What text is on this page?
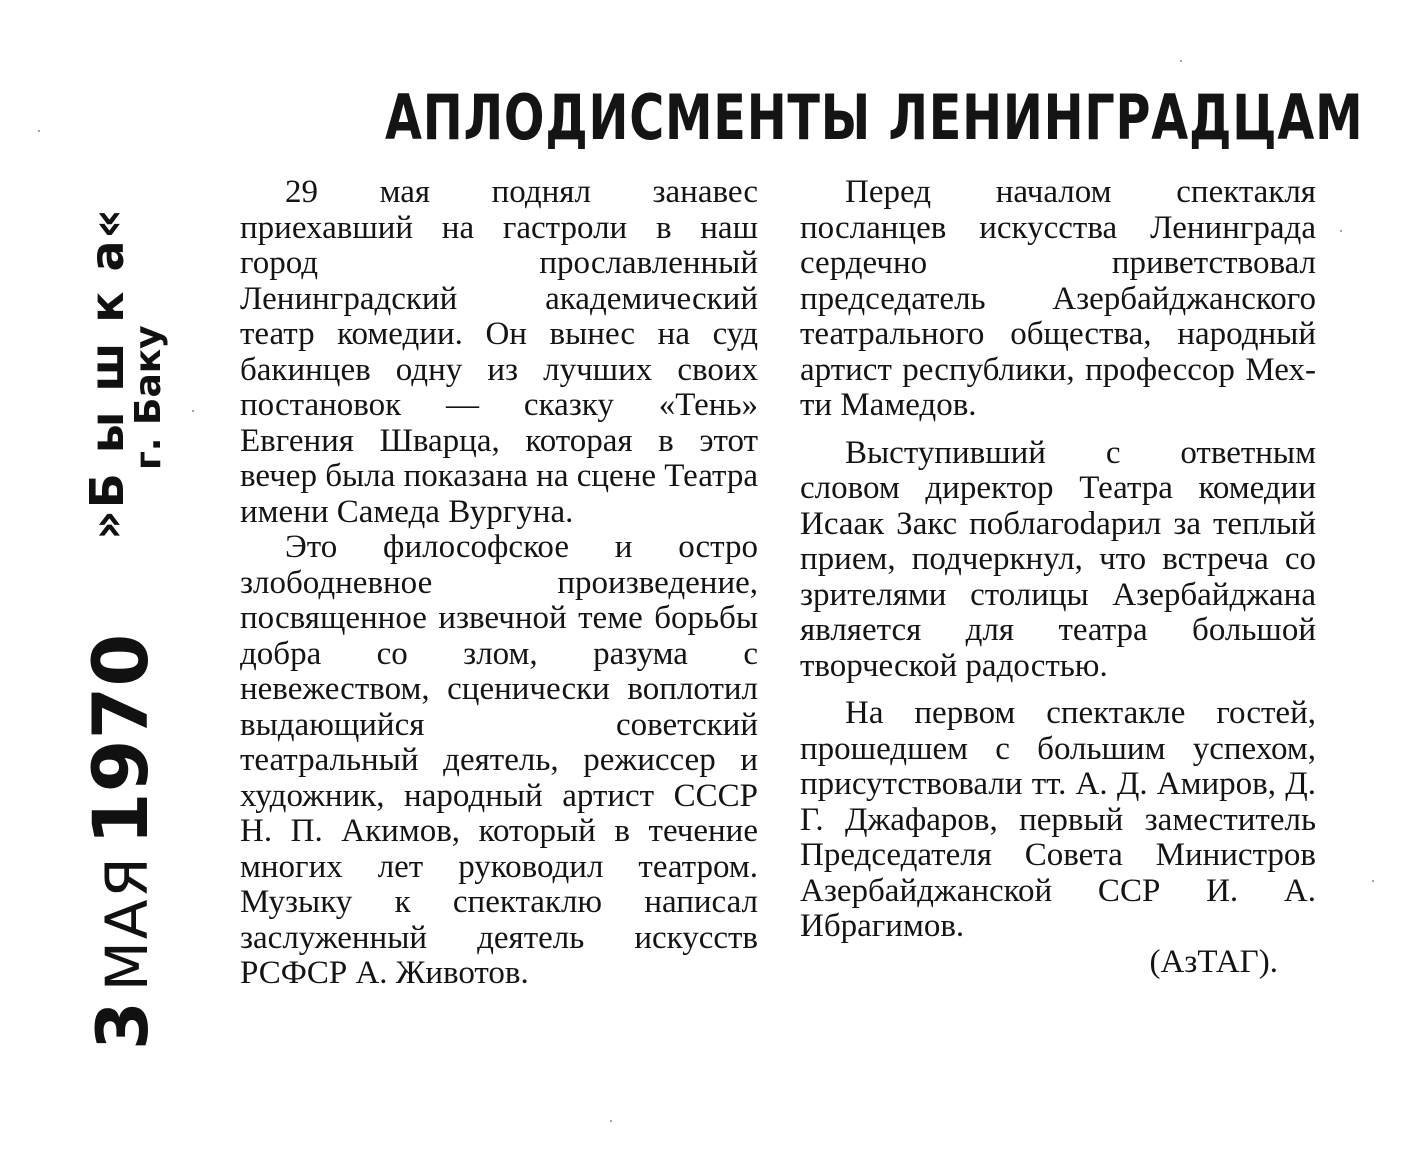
3МАЯ1970
»Б ы ш к а«
г. Баку
АПЛОДИСМЕНТЫ ЛЕНИНГРАДЦАМ

29 мая поднял занавес приехавший на гастроли в наш город прославленный Ленинградский академический театр комедии. Он вынес на суд бакинцев одну из лучших своих постановок — сказку «Тень» Евгения Шварца, которая в этот вечер была показана на сцене Театра имени Самеда Вургуна.

Это философское и остро злободневное произведение, посвященное извечной теме борьбы добра со злом, разума с невежеством, сценически воплотил выдающийся советский театральный деятель, режиссер и художник, народный артист СССР Н. П. Акимов, который в течение многих лет руководил театром. Музыку к спектаклю написал заслуженный деятель искусств РСФСР А. Животов.

Перед началом спектакля посланцев искусства Ленинграда сердечно приветствовал председатель Азербайджанского театрального общества, народный артист республики, профессор Мехти Мамедов.

Выступивший с ответным словом директор Театра комедии Исаак Закс поблагоdарил за теплый прием, подчеркнул, что встреча со зрителями столицы Азербайджана является для театра большой творческой радостью.

На первом спектакле гостей, прошедшем с большим успехом, присутствовали тт. А. Д. Амиров, Д. Г. Джафаров, первый заместитель Председателя Совета Министров Азербайджанской ССР И. А. Ибрагимов.

(АзТАГ).
